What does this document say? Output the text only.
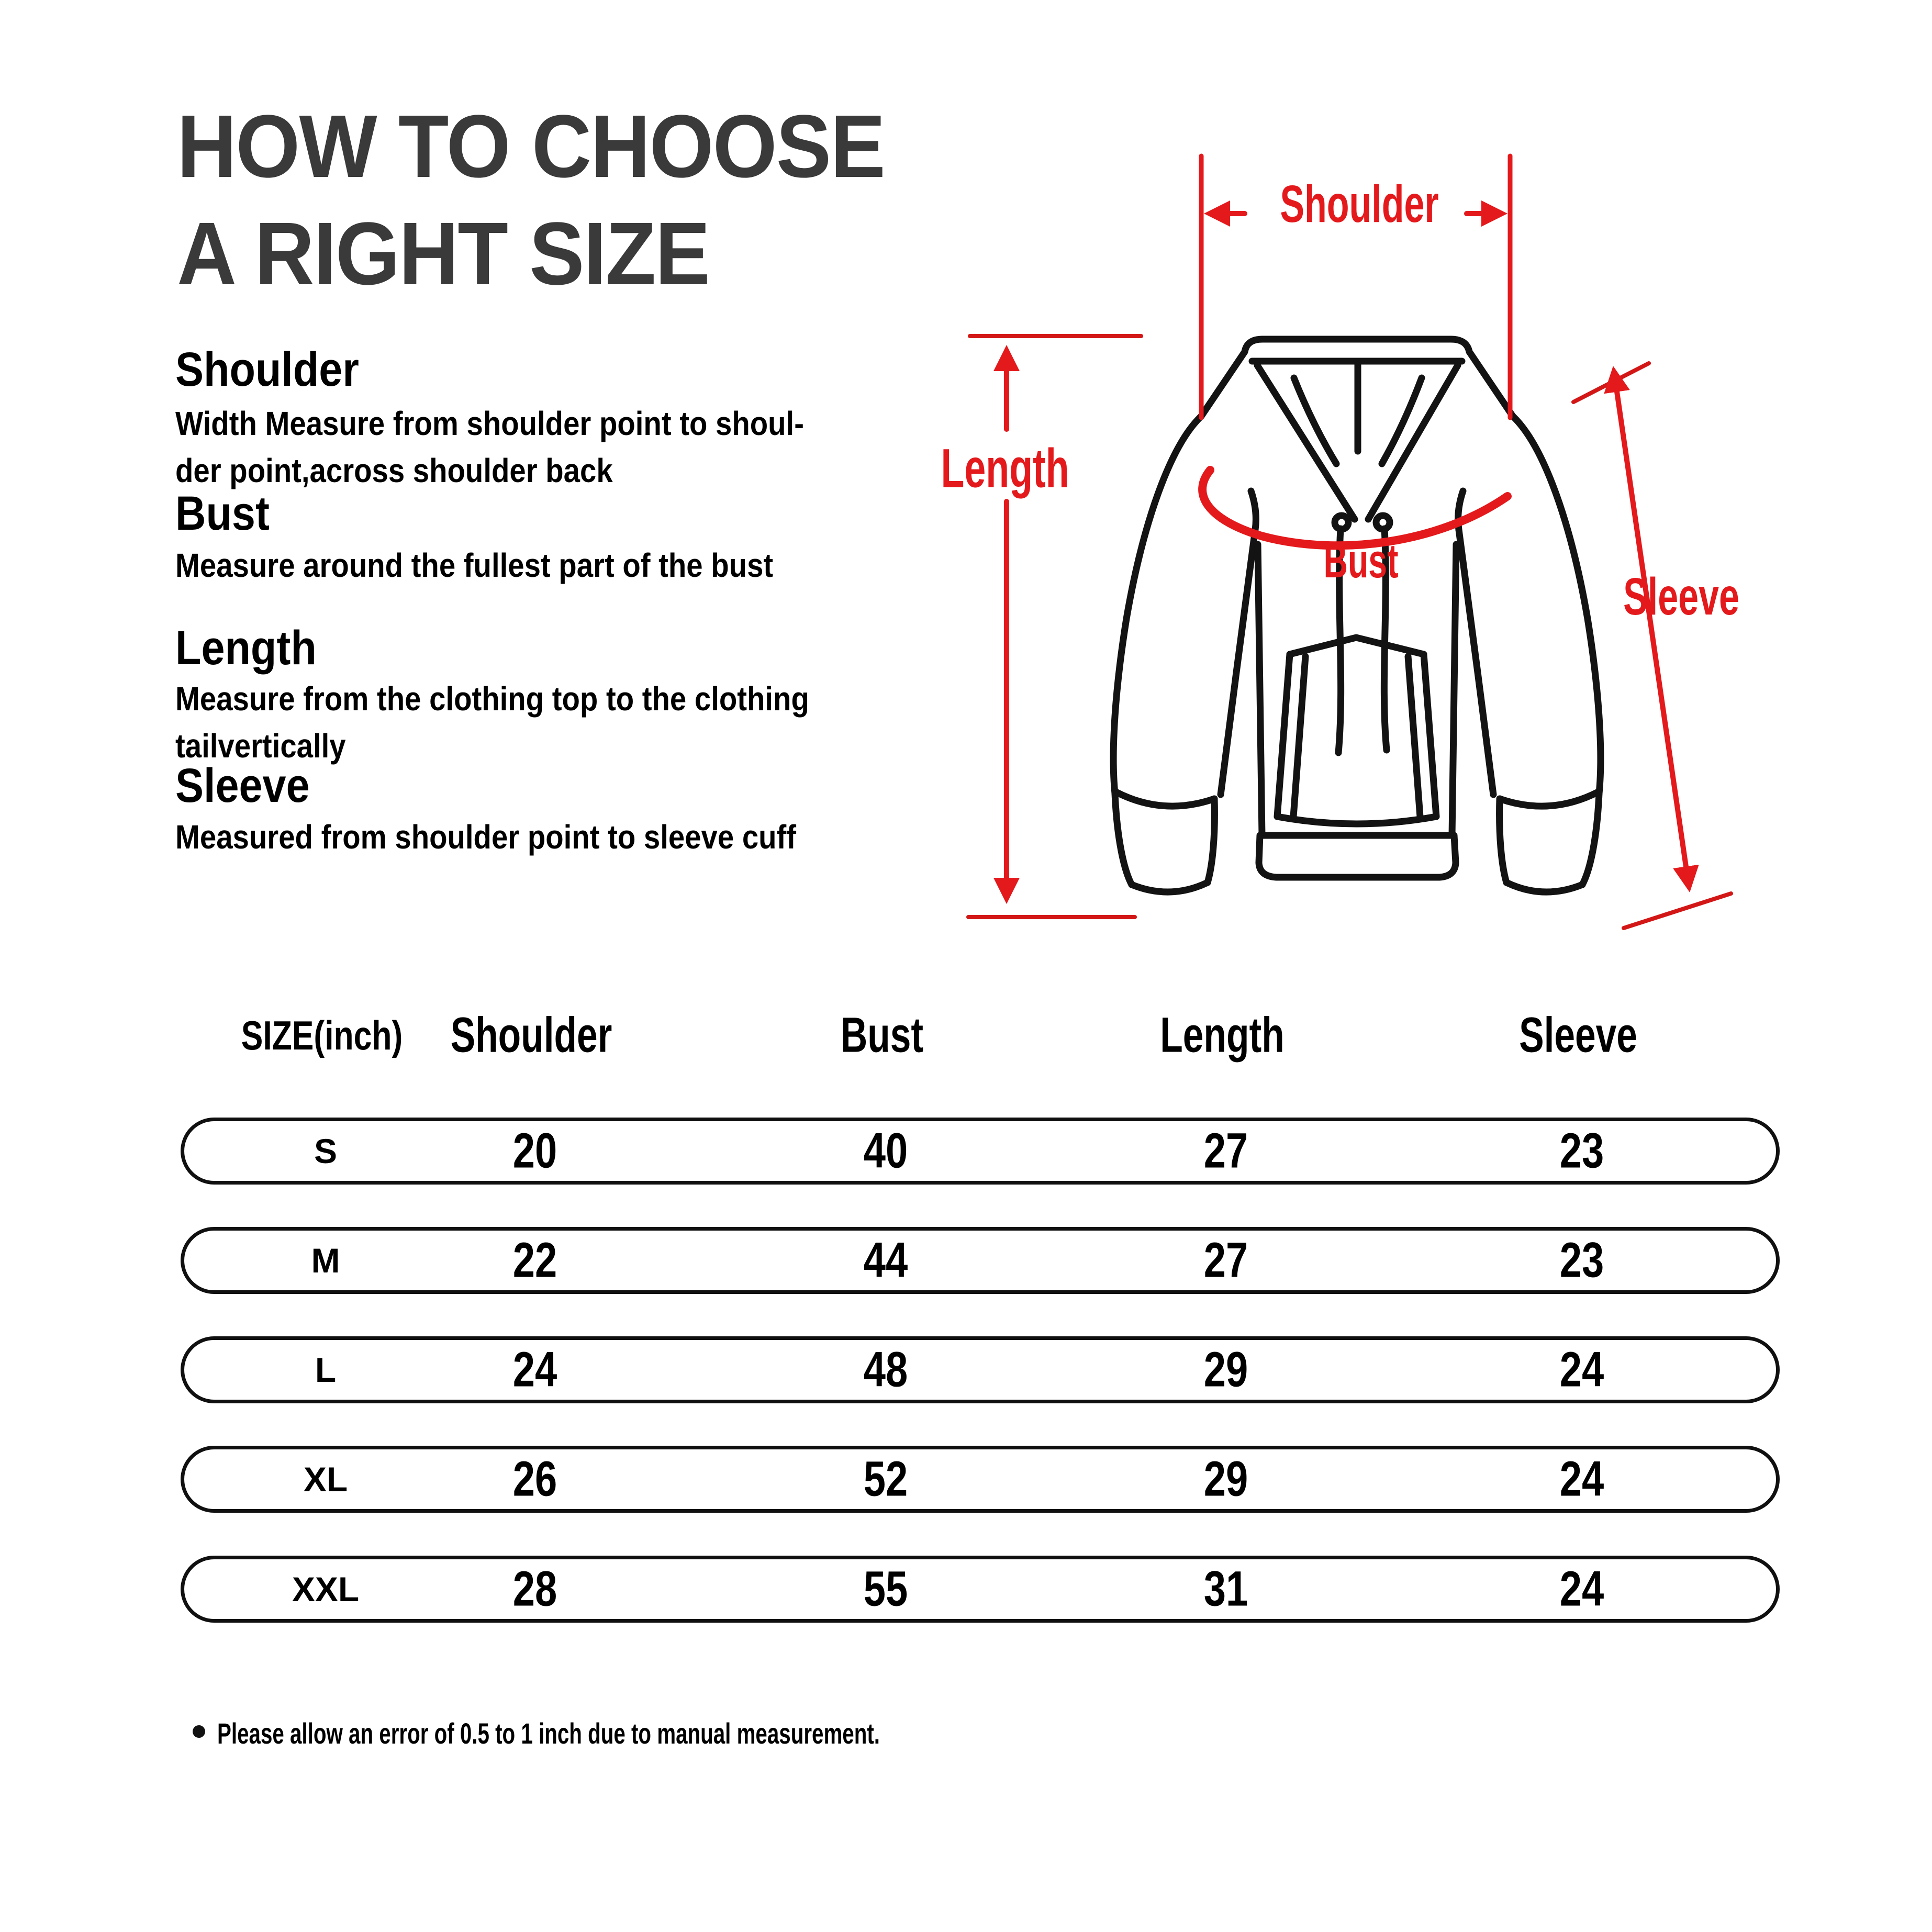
HOW TO CHOOSE
A RIGHT SIZE
Shoulder
Width Measure from shoulder point to shoul-
der point,across shoulder back
Bust
Measure around the fullest part of the bust
Length
Measure from the clothing top to the clothing
tailvertically
Sleeve
Measured from shoulder point to sleeve cuff
Shoulder
Length
Bust
Sleeve
SIZE(inch) Shoulder	Bust	Length	Sleeve
S	20	40	27	23
M	22	44	27	23
L	24	48	29	24
XL	26	52	29	24
XXL	28	55	31	24
Please allow an error of 0.5 to 1 inch due to manual measurement.
